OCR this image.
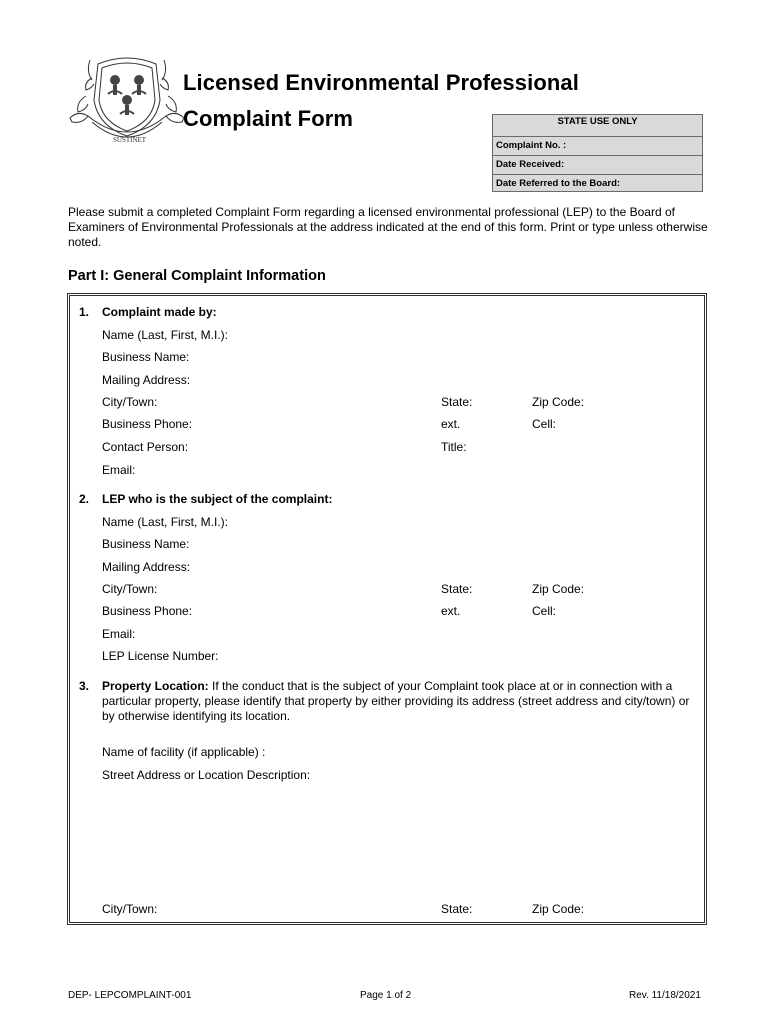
SUSTINET
Licensed Environmental Professional
Complaint Form	STATE USE ONLY
Complaint No. :
Date Received:
Date Referred to the Board:
Please submit a completed Complaint Form regarding a licensed environmental professional (LEP) to the Board of Examiners of Environmental Professionals at the address indicated at the end of this form. Print or type unless otherwise noted.
Part I: General Complaint Information
1. Complaint made by:
Name (Last, First, M.I.):
Business Name:
Mailing Address:
City/Town:	State:	Zip Code:
Business Phone:	ext.	Cell:
Contact Person:	Title:
Email:
2. LEP who is the subject of the complaint:
Name (Last, First, M.I.):
Business Name:
Mailing Address:
City/Town:	State:	Zip Code:
Business Phone:	ext.	Cell:
Email:
LEP License Number:
3. Property Location: If the conduct that is the subject of your Complaint took place at or in connection with a particular property, please identify that property by either providing its address (street address and city/town) or by otherwise identifying its location.
Name of facility (if applicable) :
Street Address or Location Description:
City/Town:	State:	Zip Code:
DEP- LEPCOMPLAINT-001	Page 1 of 2	Rev. 11/18/2021
